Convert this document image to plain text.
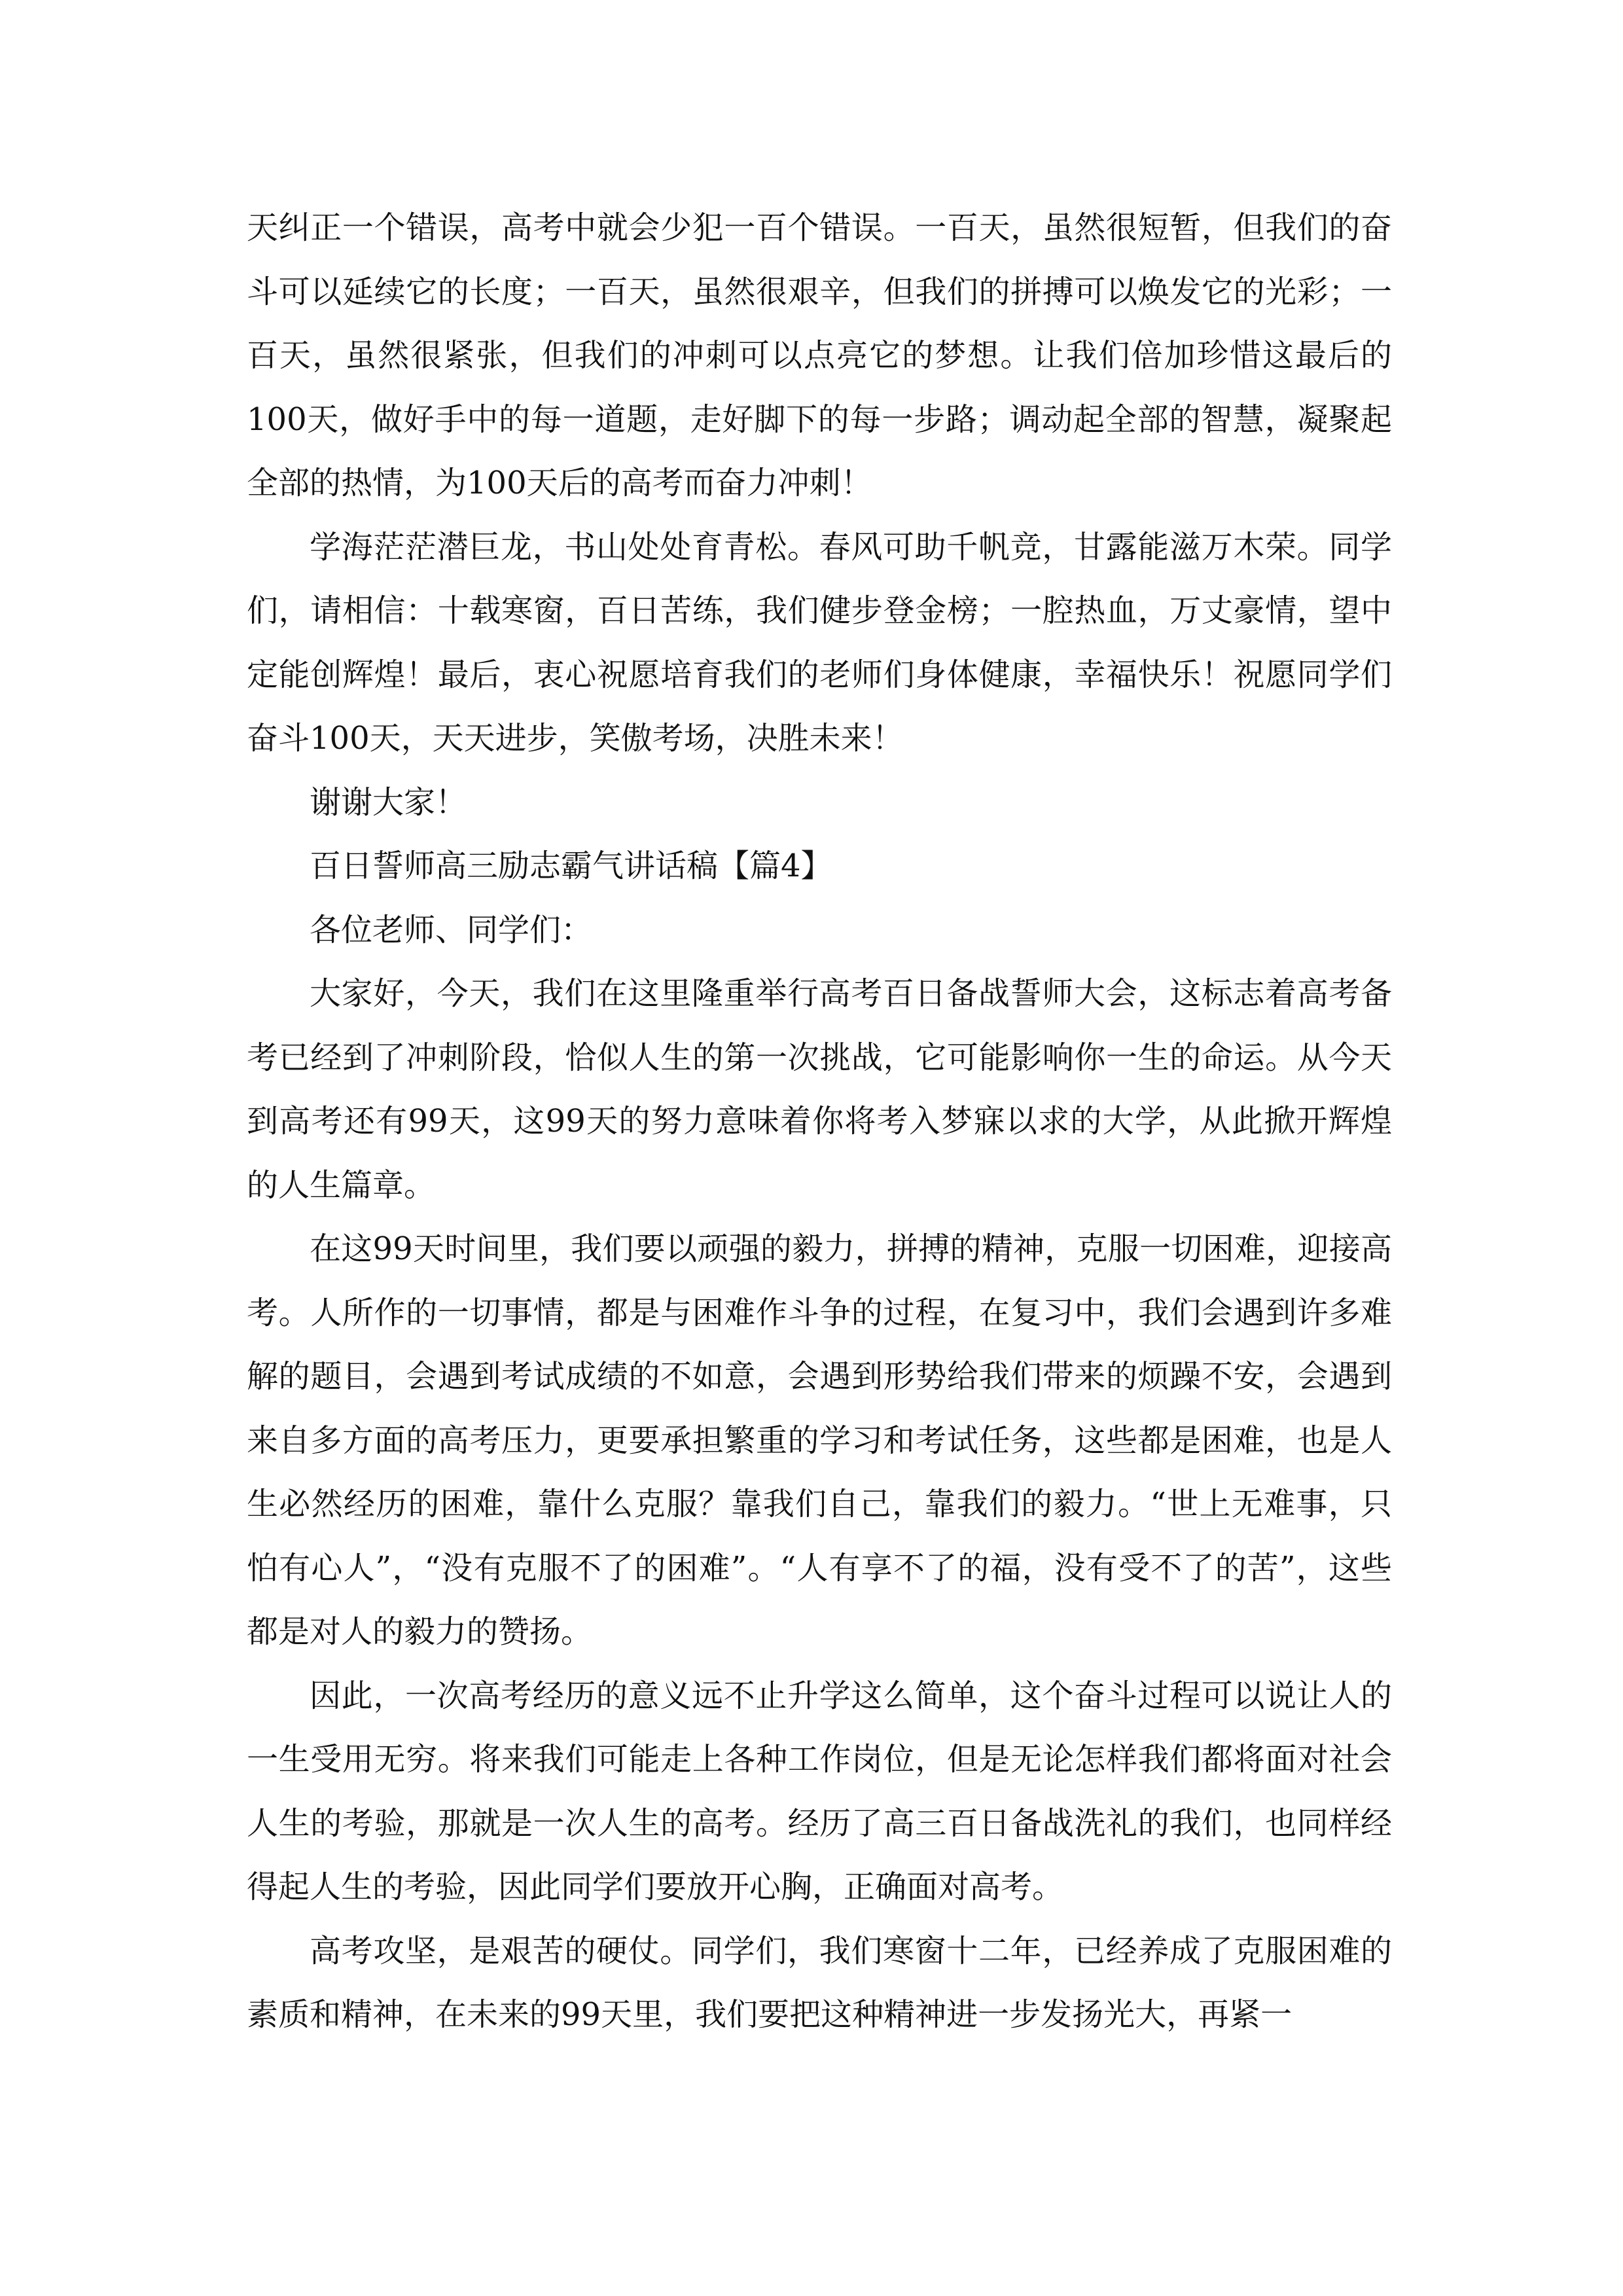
天纠正一个错误，高考中就会少犯一百个错误。一百天，虽然很短暂，但我们的奋斗可以延续它的长度；一百天，虽然很艰辛，但我们的拼搏可以焕发它的光彩；一百天，虽然很紧张，但我们的冲刺可以点亮它的梦想。让我们倍加珍惜这最后的100天，做好手中的每一道题，走好脚下的每一步路；调动起全部的智慧，凝聚起全部的热情，为100天后的高考而奋力冲刺！

学海茫茫潜巨龙，书山处处育青松。春风可助千帆竞，甘露能滋万木荣。同学们，请相信：十载寒窗，百日苦练，我们健步登金榜；一腔热血，万丈豪情，望中定能创辉煌！最后，衷心祝愿培育我们的老师们身体健康，幸福快乐！祝愿同学们奋斗100天，天天进步，笑傲考场，决胜未来！

谢谢大家！

百日誓师高三励志霸气讲话稿【篇4】

各位老师、同学们：

大家好，今天，我们在这里隆重举行高考百日备战誓师大会，这标志着高考备考已经到了冲刺阶段，恰似人生的第一次挑战，它可能影响你一生的命运。从今天到高考还有99天，这99天的努力意味着你将考入梦寐以求的大学，从此掀开辉煌的人生篇章。

在这99天时间里，我们要以顽强的毅力，拼搏的精神，克服一切困难，迎接高考。人所作的一切事情，都是与困难作斗争的过程，在复习中，我们会遇到许多难解的题目，会遇到考试成绩的不如意，会遇到形势给我们带来的烦躁不安，会遇到来自多方面的高考压力，更要承担繁重的学习和考试任务，这些都是困难，也是人生必然经历的困难，靠什么克服？靠我们自己，靠我们的毅力。“世上无难事，只怕有心人”，“没有克服不了的困难”。“人有享不了的福，没有受不了的苦”，这些都是对人的毅力的赞扬。

因此，一次高考经历的意义远不止升学这么简单，这个奋斗过程可以说让人的一生受用无穷。将来我们可能走上各种工作岗位，但是无论怎样我们都将面对社会人生的考验，那就是一次人生的高考。经历了高三百日备战洗礼的我们，也同样经得起人生的考验，因此同学们要放开心胸，正确面对高考。

高考攻坚，是艰苦的硬仗。同学们，我们寒窗十二年，已经养成了克服困难的素质和精神，在未来的99天里，我们要把这种精神进一步发扬光大，再紧一
